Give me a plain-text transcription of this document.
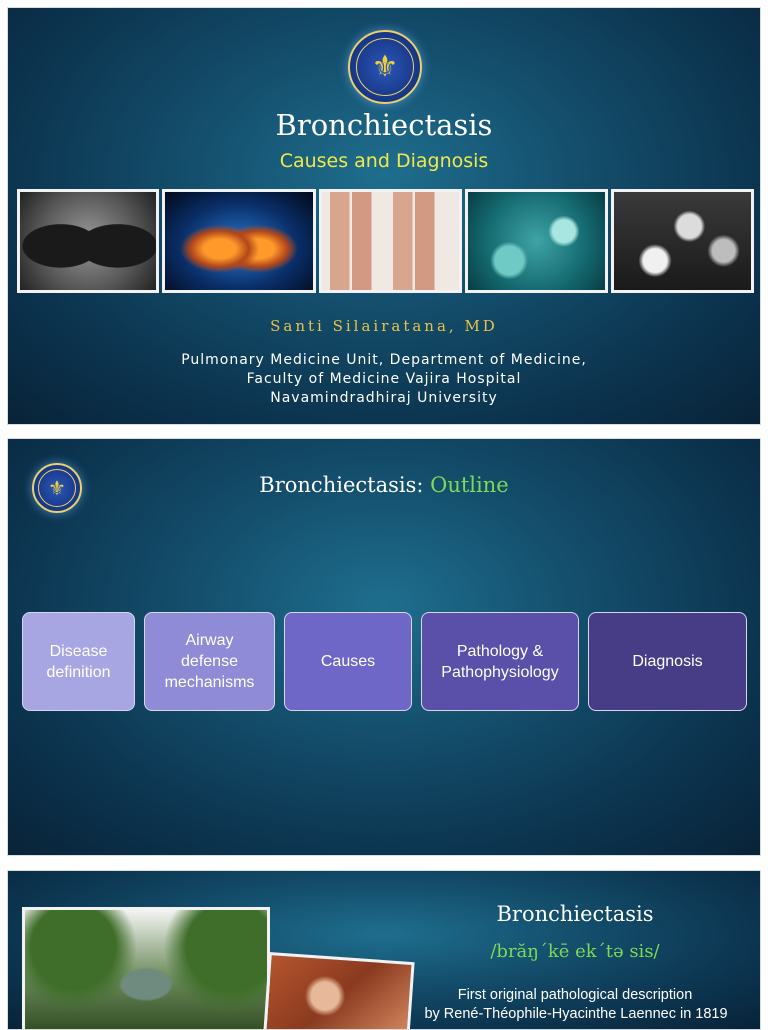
⚜
Bronchiectasis
Causes and Diagnosis
Santi Silairatana, MD
Pulmonary Medicine Unit, Department of Medicine,
Faculty of Medicine Vajira Hospital
Navamindradhiraj University
⚜	Bronchiectasis: Outline
Disease
definition
Airway
defense
mechanisms
Causes
Pathology &
Pathophysiology
Diagnosis
Bronchiectasis
/brăŋˊkē ekˊtə sis/
First original pathological description
by René-Théophile-Hyacinthe Laennec in 1819
